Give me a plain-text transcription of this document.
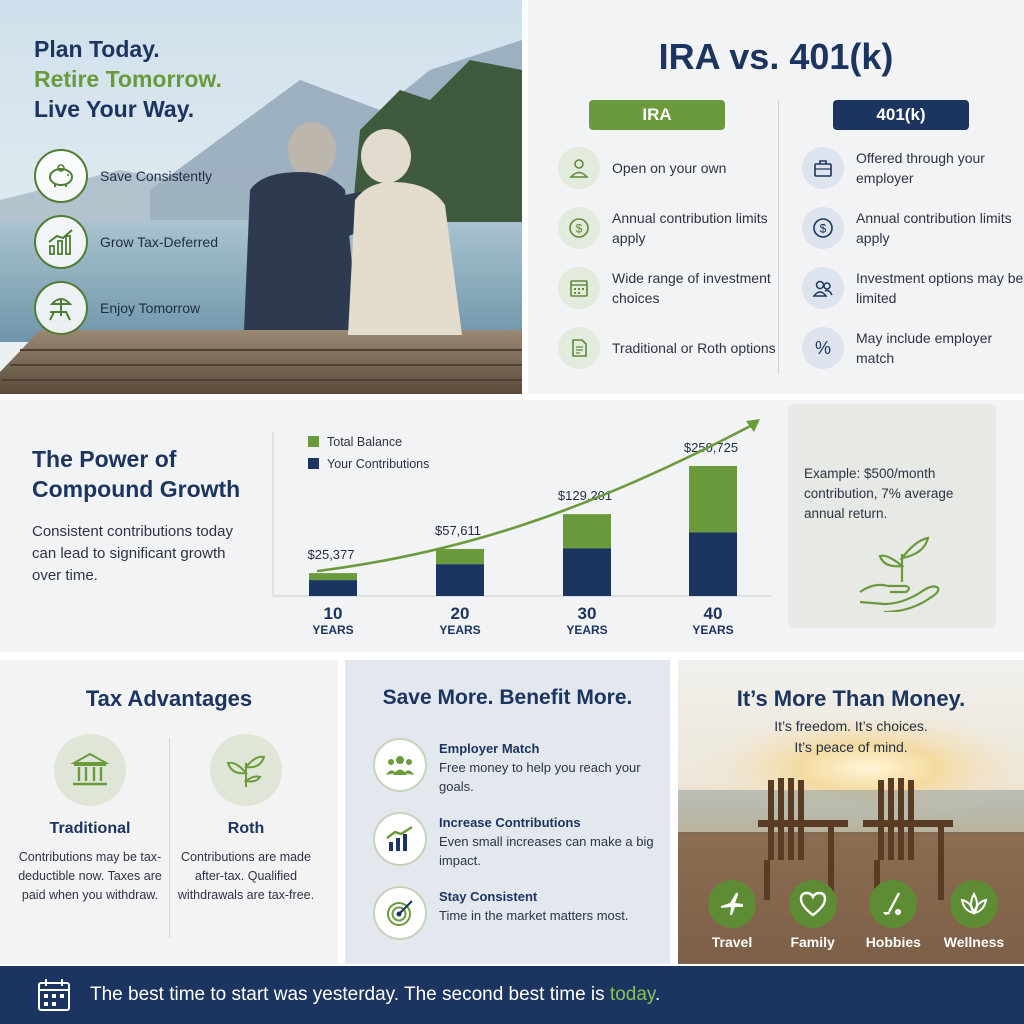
Plan Today.
Retire Tomorrow.
Live Your Way.
Save Consistently
Grow Tax-Deferred
Enjoy Tomorrow
IRA vs. 401(k)
IRA
Open on your own
$
Annual contribution limits apply
Wide range of investment choices
Traditional or Roth options
401(k)
Offered through your employer
$
Annual contribution limits apply
Investment options may be limited
% May include employer match
The Power of Compound Growth
Consistent contributions today can lead to significant growth over time.
Total Balance
Your Contributions
$25,377
10
YEARS
$57,611
20
YEARS
$129,201
30
YEARS
$250,725
40
YEARS
Example: $500/month contribution, 7% average annual return.
Tax Advantages
Traditional
Contributions may be tax-deductible now. Taxes are paid when you withdraw.
Roth
Contributions are made after-tax. Qualified withdrawals are tax-free.
Save More. Benefit More.
Employer Match
Free money to help you reach your goals.
Increase Contributions
Even small increases can make a big impact.
Stay Consistent
Time in the market matters most.
It’s More Than Money.
It’s freedom. It’s choices.
It’s peace of mind.
Travel	Family	Hobbies	Wellness
The best time to start was yesterday. The second best time is today.
